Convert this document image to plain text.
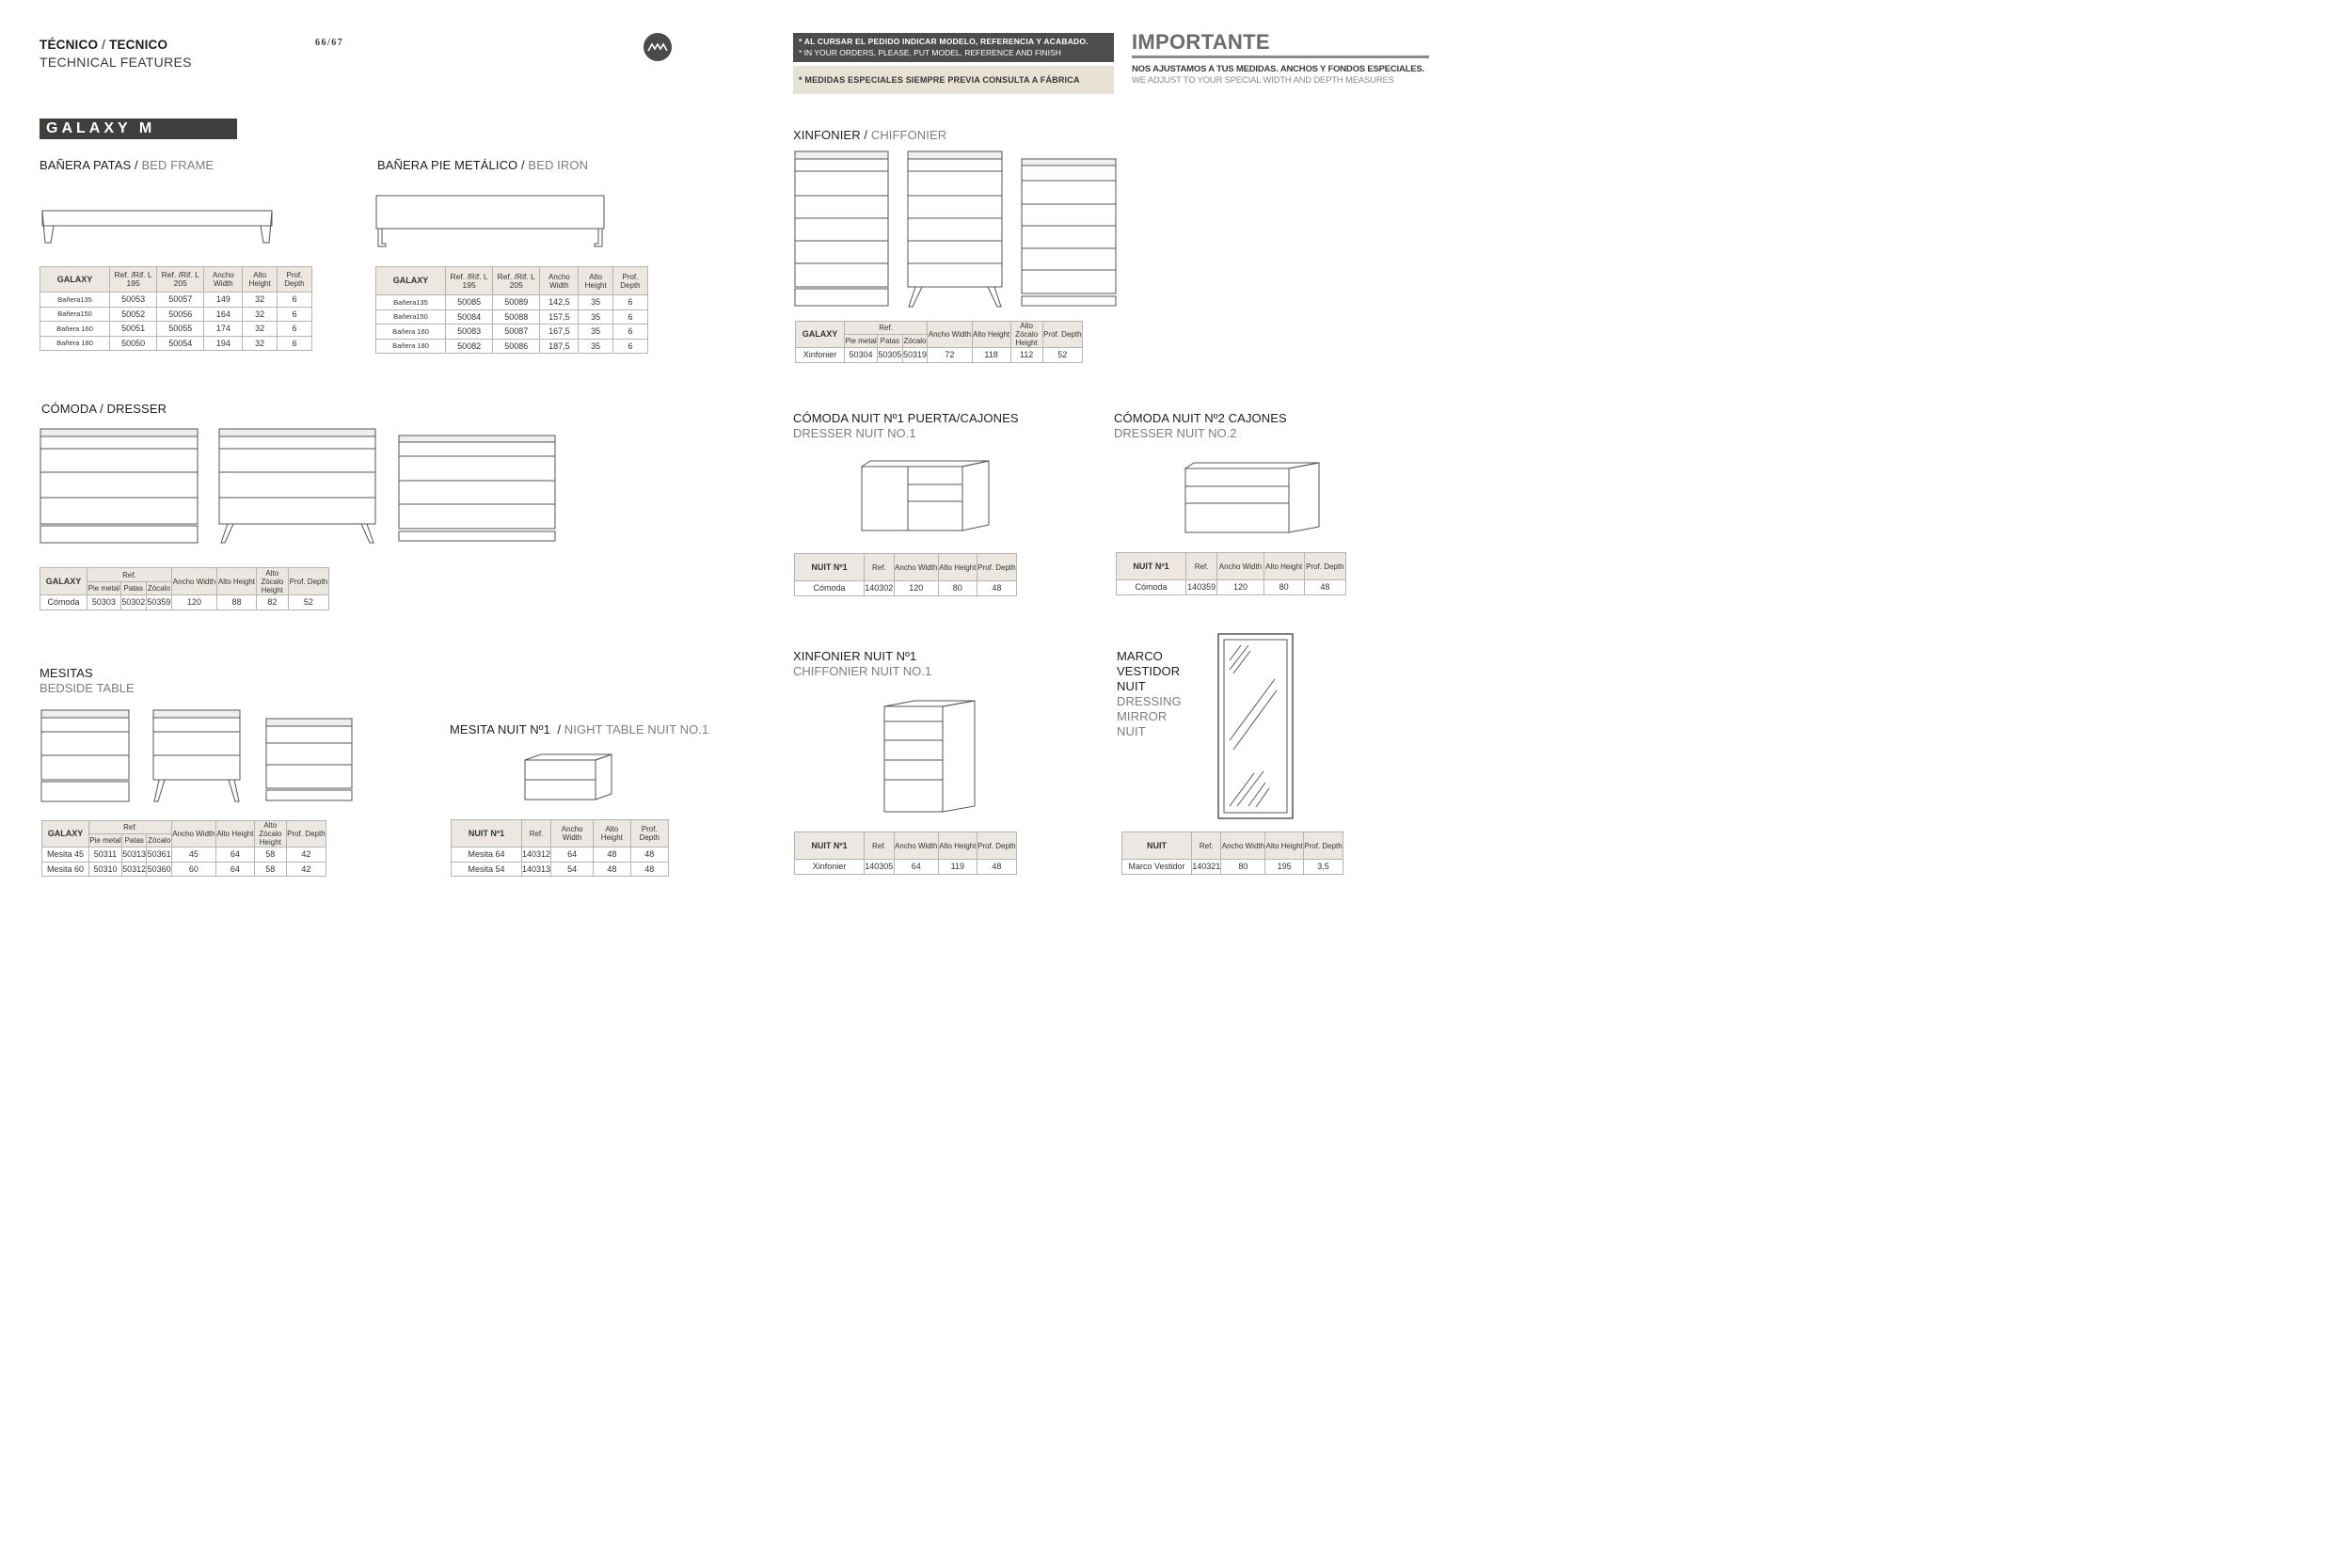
TÉCNICO / TECNICO
TECHNICAL FEATURES
66/67
GALAXY M
* AL CURSAR EL PEDIDO INDICAR MODELO, REFERENCIA Y ACABADO.
* IN YOUR ORDERS, PLEASE, PUT MODEL, REFERENCE AND FINISH
* MEDIDAS ESPECIALES SIEMPRE PREVIA CONSULTA A FÁBRICA
IMPORTANTE
NOS AJUSTAMOS A TUS MEDIDAS. ANCHOS Y FONDOS ESPECIALES.
WE ADJUST TO YOUR SPECIAL WIDTH AND DEPTH MEASURES
BAÑERA PATAS / BED FRAME
GALAXY	Ref. /Rif. L 195	Ref. /Rif. L 205	Ancho Width	Alto Height	Prof. Depth
Bañera135	50053	50057	149	32	6
Bañera150	50052	50056	164	32	6
Bañera 160	50051	50055	174	32	6
Bañera 180	50050	50054	194	32	6
BAÑERA PIE METÁLICO / BED IRON
GALAXY	Ref. /Rif. L 195	Ref. /Rif. L 205	Ancho Width	Alto Height	Prof. Depth
Bañera135	50085	50089	142,5	35	6
Bañera150	50084	50088	157,5	35	6
Bañera 160	50083	50087	167,5	35	6
Bañera 180	50082	50086	187,5	35	6
CÓMODA / DRESSER
GALAXY	Ref.			Ancho Width	Alto Height	Alto Zócalo Height	Prof. Depth
	Pie metal	Patas	Zócalo				
Cómoda	50303	50302	50359	120	88	82	52
MESITAS
BEDSIDE TABLE
GALAXY	Ref.			Ancho Width	Alto Height	Alto Zócalo Height	Prof. Depth
	Pie metal	Patas	Zócalo				
Mesita 45	50311	50313	50361	45	64	58	42
Mesita 60	50310	50312	50360	60	64	58	42
MESITA NUIT Nº1  / NIGHT TABLE NUIT NO.1
NUIT Nº1	Ref.	Ancho Width	Alto Height	Prof. Depth
Mesita 64	140312	64	48	48
Mesita 54	140313	54	48	48
XINFONIER / CHIFFONIER
GALAXY	Ref.			Ancho Width	Alto Height	Alto Zócalo Height	Prof. Depth
	Pie metal	Patas	Zócalo				
Xinfonier	50304	50305	50319	72	118	112	52
CÓMODA NUIT Nº1 PUERTA/CAJONES
DRESSER NUIT NO.1
NUIT Nº1	Ref.	Ancho Width	Alto Height	Prof. Depth
Cómoda	140302	120	80	48
CÓMODA NUIT Nº2 CAJONES
DRESSER NUIT NO.2
NUIT Nº1	Ref.	Ancho Width	Alto Height	Prof. Depth
Cómoda	140359	120	80	48
XINFONIER NUIT Nº1
CHIFFONIER NUIT NO.1
NUIT Nº1	Ref.	Ancho Width	Alto Height	Prof. Depth
Xinfonier	140305	64	119	48
MARCO
VESTIDOR
NUIT
DRESSING
MIRROR
NUIT
NUIT	Ref.	Ancho Width	Alto Height	Prof. Depth
Marco Vestidor	140321	80	195	3,5
